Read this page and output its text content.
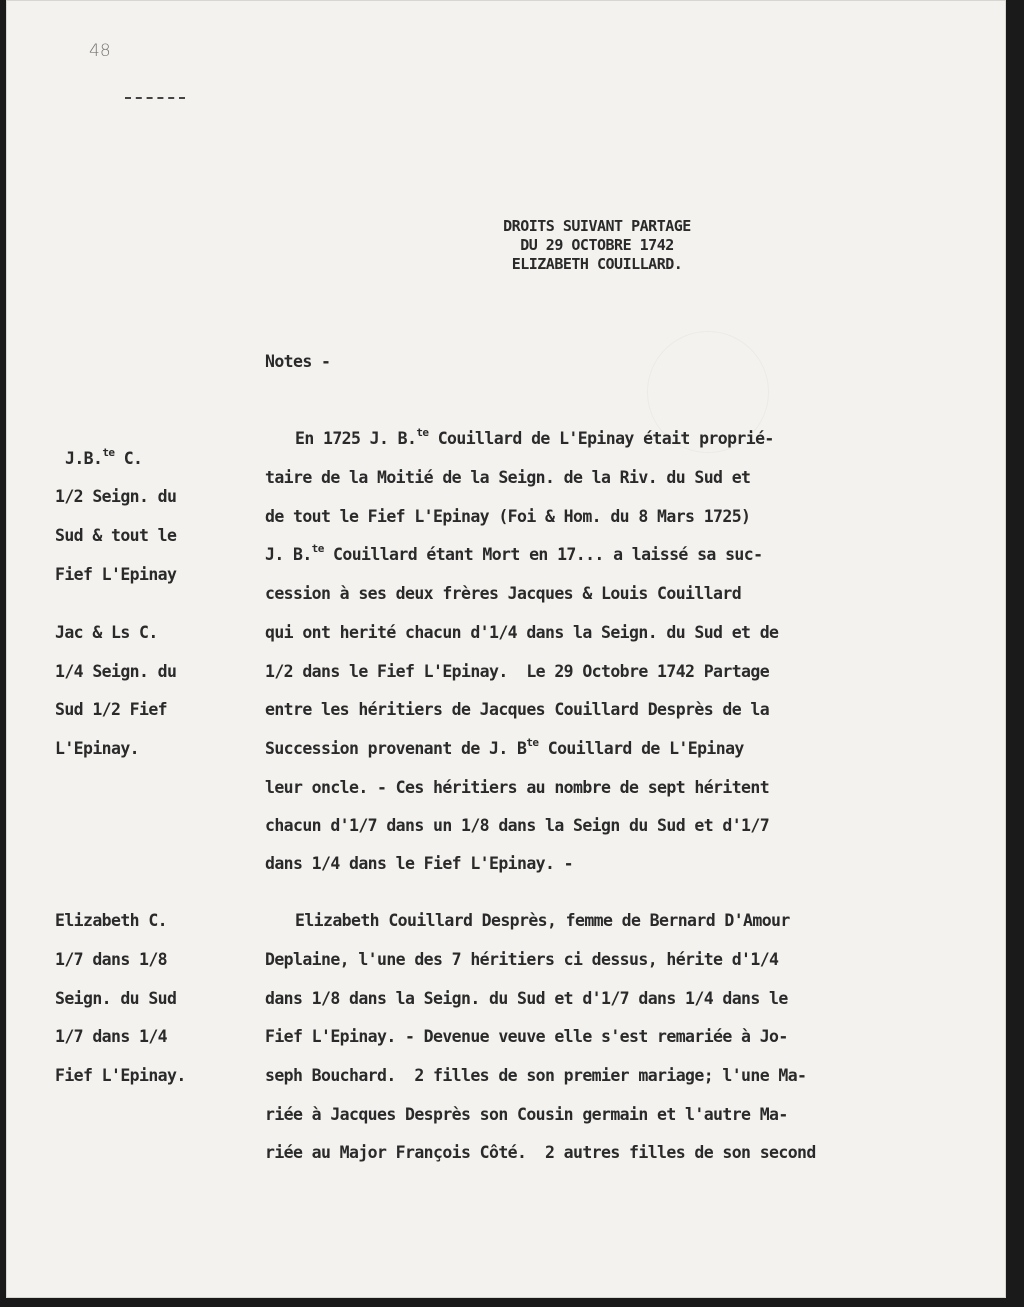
48
DROITS SUIVANT PARTAGE
DU 29 OCTOBRE 1742
ELIZABETH COUILLARD.
Notes -
J.B.$^{te}$ C.
1/2 Seign. du
Sud & tout le
Fief L'Epinay
Jac & Ls C.
1/4 Seign. du
Sud 1/2 Fief
L'Epinay.
Elizabeth C.
1/7 dans 1/8
Seign. du Sud
1/7 dans 1/4
Fief L'Epinay.
En 1725 J. B.$^{te}$ Couillard de L'Epinay était proprié-
taire de la Moitié de la Seign. de la Riv. du Sud et
de tout le Fief L'Epinay (Foi & Hom. du 8 Mars 1725)
J. B.$^{te}$ Couillard étant Mort en 17... a laissé sa suc-
cession à ses deux frères Jacques & Louis Couillard
qui ont herité chacun d'1/4 dans la Seign. du Sud et de
1/2 dans le Fief L'Epinay.  Le 29 Octobre 1742 Partage
entre les héritiers de Jacques Couillard Desprès de la
Succession provenant de J. $B^{te}$ Couillard de L'Epinay
leur oncle. - Ces héritiers au nombre de sept héritent
chacun d'1/7 dans un 1/8 dans la Seign du Sud et d'1/7
dans 1/4 dans le Fief L'Epinay. -
Elizabeth Couillard Desprès, femme de Bernard D'Amour
Deplaine, l'une des 7 héritiers ci dessus, hérite d'1/4
dans 1/8 dans la Seign. du Sud et d'1/7 dans 1/4 dans le
Fief L'Epinay. - Devenue veuve elle s'est remariée à Jo-
seph Bouchard.  2 filles de son premier mariage; l'une Ma-
riée à Jacques Desprès son Cousin germain et l'autre Ma-
riée au Major François Côté.  2 autres filles de son second
